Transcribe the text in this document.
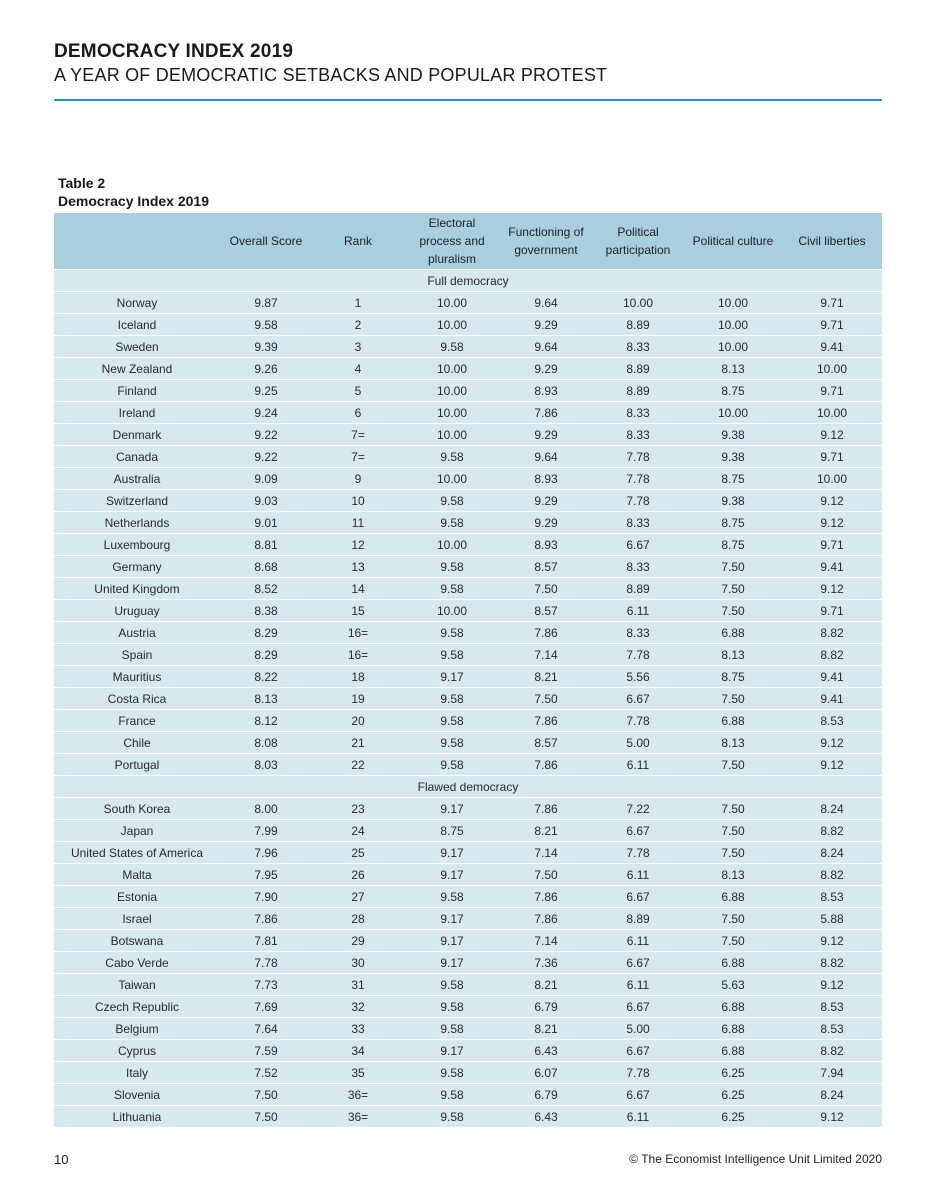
DEMOCRACY INDEX 2019
A YEAR OF DEMOCRATIC SETBACKS AND POPULAR PROTEST
Table 2
Democracy Index 2019
	Overall Score	Rank	Electoral process and pluralism	Functioning of government	Political participation	Political culture	Civil liberties
Full democracy							
Norway	9.87	1	10.00	9.64	10.00	10.00	9.71
Iceland	9.58	2	10.00	9.29	8.89	10.00	9.71
Sweden	9.39	3	9.58	9.64	8.33	10.00	9.41
New Zealand	9.26	4	10.00	9.29	8.89	8.13	10.00
Finland	9.25	5	10.00	8.93	8.89	8.75	9.71
Ireland	9.24	6	10.00	7.86	8.33	10.00	10.00
Denmark	9.22	7=	10.00	9.29	8.33	9.38	9.12
Canada	9.22	7=	9.58	9.64	7.78	9.38	9.71
Australia	9.09	9	10.00	8.93	7.78	8.75	10.00
Switzerland	9.03	10	9.58	9.29	7.78	9.38	9.12
Netherlands	9.01	11	9.58	9.29	8.33	8.75	9.12
Luxembourg	8.81	12	10.00	8.93	6.67	8.75	9.71
Germany	8.68	13	9.58	8.57	8.33	7.50	9.41
United Kingdom	8.52	14	9.58	7.50	8.89	7.50	9.12
Uruguay	8.38	15	10.00	8.57	6.11	7.50	9.71
Austria	8.29	16=	9.58	7.86	8.33	6.88	8.82
Spain	8.29	16=	9.58	7.14	7.78	8.13	8.82
Mauritius	8.22	18	9.17	8.21	5.56	8.75	9.41
Costa Rica	8.13	19	9.58	7.50	6.67	7.50	9.41
France	8.12	20	9.58	7.86	7.78	6.88	8.53
Chile	8.08	21	9.58	8.57	5.00	8.13	9.12
Portugal	8.03	22	9.58	7.86	6.11	7.50	9.12
Flawed democracy							
South Korea	8.00	23	9.17	7.86	7.22	7.50	8.24
Japan	7.99	24	8.75	8.21	6.67	7.50	8.82
United States of America	7.96	25	9.17	7.14	7.78	7.50	8.24
Malta	7.95	26	9.17	7.50	6.11	8.13	8.82
Estonia	7.90	27	9.58	7.86	6.67	6.88	8.53
Israel	7.86	28	9.17	7.86	8.89	7.50	5.88
Botswana	7.81	29	9.17	7.14	6.11	7.50	9.12
Cabo Verde	7.78	30	9.17	7.36	6.67	6.88	8.82
Taiwan	7.73	31	9.58	8.21	6.11	5.63	9.12
Czech Republic	7.69	32	9.58	6.79	6.67	6.88	8.53
Belgium	7.64	33	9.58	8.21	5.00	6.88	8.53
Cyprus	7.59	34	9.17	6.43	6.67	6.88	8.82
Italy	7.52	35	9.58	6.07	7.78	6.25	7.94
Slovenia	7.50	36=	9.58	6.79	6.67	6.25	8.24
Lithuania	7.50	36=	9.58	6.43	6.11	6.25	9.12
10	© The Economist Intelligence Unit Limited 2020
